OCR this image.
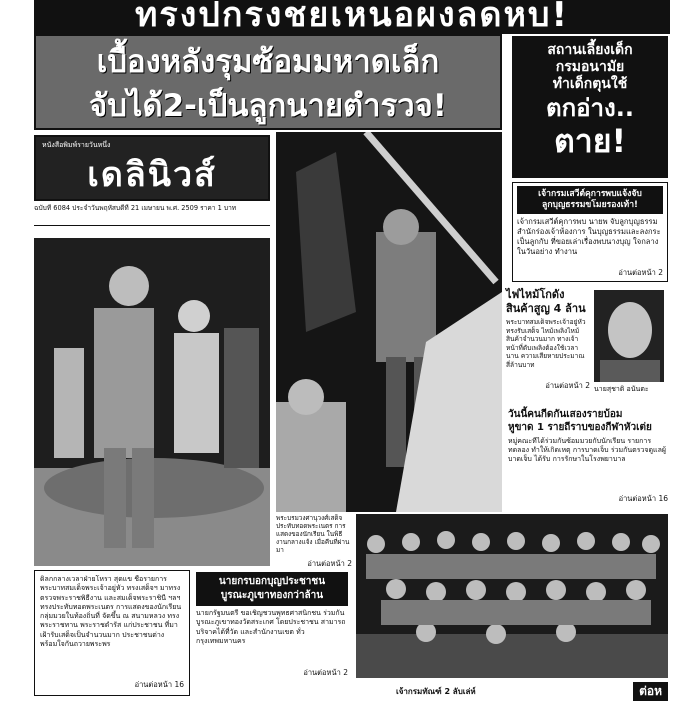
ทรงปกรงชยเหนอผงลดหบ!
เบื้องหลังรุมซ้อมมหาดเล็ก
จับได้2-เป็นลูกนายตำรวจ!
สถานเลี้ยงเด็ก
กรมอนามัย
ทำเด็กตุนใช้
ตกอ่าง..
ตาย!
หนังสือพิมพ์รายวันหนึ่ง
เดลินิวส์
ฉบับที่ 6084 ประจำวันพฤหัสบดีที่ 21 เมษายน พ.ศ. 2509 ราคา 1 บาท
เจ้ากรมเสวีต์คุการพบแจ้งจับ
ลูกบุญธรรมขโมยรองเท้า!
เจ้ากรมเสวีต์คุการพบ นายพ จับลูกบุญธรรม สำนักร่องเจ้าห้องการ ในบุญธรรมและลงกระ เป็นลูกกับ ที่ขอยเล่าเรื่องพบนางบุญ ใจกลางในวันอย่าง ทำงาน
อ่านต่อหน้า 2
ไฟไหม้โกดัง
สินค้าสูญ 4 ล้าน
พระบาทสมเด็จพระเจ้าอยู่หัวทรงรับเสด็จ ไหม้เพลิงไหม้สินค้าจำนวนมาก ทางเจ้าหน้าที่ดับเพลิงต้องใช้เวลานาน ความเสียหายประมาณ สี่ล้านบาท
อ่านต่อหน้า 2 นายสุชาติ อนันตะ
วันนี้คนกีดกันเสองรายบ้อม
หูขาด 1 รายถีราบของกีฬาหัวเต่ย
หมู่คณะที่ได้ร่วมกันซ้อมมวยกับนักเรียน รายการทดลอง ทำให้เกิดเหตุ การบาดเจ็บ ร่วมกันตรวจดูแลผู้บาดเจ็บ ได้รับ การรักษาในโรงพยาบาล
อ่านต่อหน้า 16
พระบรมวงศานุวงศ์เสด็จประทับทอดพระเนตร การแสดงของนักเรียน ในพิธีงานกลางแจ้ง เมื่อคืนที่ผ่านมา
อ่านต่อหน้า 2
ดิลกกลางเวลาฝ่ายโหรา สุดแข ชื่อรายการ พระบาทสมเด็จพระเจ้าอยู่หัว ทรงเสด็จฯ มาทรงตรวจพระราชพิธีงาน และสมเด็จพระราชินี ฯลฯ ทรงประทับทอดพระเนตร การแสดงของนักเรียน กลุ่มมวยในท้องถิ่นที่ จัดขึ้น ณ สนามหลวง ทรงพระราชทาน พระราชดำรัส แก่ประชาชน ที่มาเฝ้ารับเสด็จเป็นจำนวนมาก ประชาชนต่างพร้อมใจกันถวายพระพร
อ่านต่อหน้า 16
นายกรบอกบุญประชาชน
บูรณะภูเขาทองกว่าล้าน
นายกรัฐมนตรี ขอเชิญชวนพุทธศาสนิกชน ร่วมกันบูรณะภูเขาทองวัดสระเกศ โดยประชาชน สามารถบริจาคได้ที่วัด และสำนักงานเขต ทั่วกรุงเทพมหานคร
อ่านต่อหน้า 2
เจ้ากรมทัณฑ์ 2 ลับเล่ห์	ต่อห
